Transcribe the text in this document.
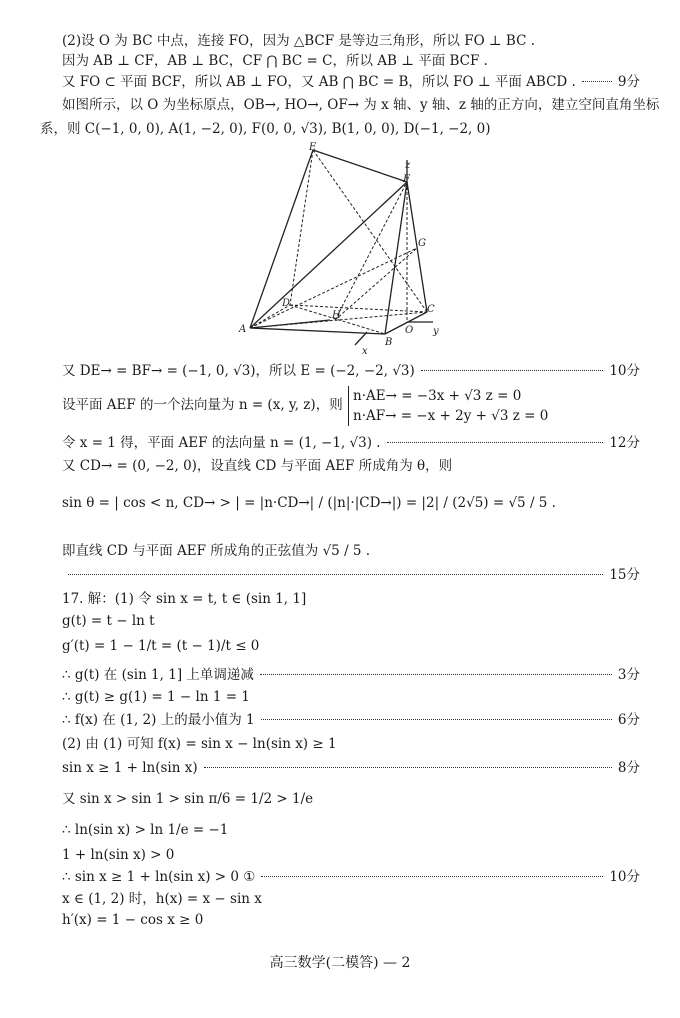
(2)设 O 为 BC 中点，连接 FO，因为 △BCF 是等边三角形，所以 FO ⊥ BC .
因为 AB ⊥ CF，AB ⊥ BC，CF ⋂ BC = C，所以 AB ⊥ 平面 BCF .
又 FO ⊂ 平面 BCF，所以 AB ⊥ FO，又 AB ⋂ BC = B，所以 FO ⊥ 平面 ABCD .	9分
如图所示，以 O 为坐标原点，OB→, HO→, OF→ 为 x 轴、y 轴、z 轴的正方向，建立空间直角坐标
系，则 C(−1, 0, 0), A(1, −2, 0), F(0, 0, √3), B(1, 0, 0), D(−1, −2, 0)
E
F
z
G
D
H
C
A
B
O y
x
又 DE→ = BF→ = (−1, 0, √3)，所以 E = (−2, −2, √3)	10分
设平面 AEF 的一个法向量为 n = (x, y, z)，则
n·AE→ = −3x + √3 z = 0
n·AF→ = −x + 2y + √3 z = 0
令 x = 1 得，平面 AEF 的法向量 n = (1, −1, √3) .	12分
又 CD→ = (0, −2, 0)，设直线 CD 与平面 AEF 所成角为 θ，则
sin θ = | cos < n, CD→ > | = |n·CD→| / (|n|·|CD→|) = |2| / (2√5) = √5 / 5 .
即直线 CD 与平面 AEF 所成角的正弦值为 √5 / 5 .
15分
17. 解：(1) 令 sin x = t, t ∈ (sin 1, 1]
g(t) = t − ln t
g′(t) = 1 − 1/t = (t − 1)/t ≤ 0
∴ g(t) 在 (sin 1, 1] 上单调递减	3分
∴ g(t) ≥ g(1) = 1 − ln 1 = 1
∴ f(x) 在 (1, 2) 上的最小值为 1	6分
(2) 由 (1) 可知 f(x) = sin x − ln(sin x) ≥ 1
sin x ≥ 1 + ln(sin x)	8分
又 sin x > sin 1 > sin π/6 = 1/2 > 1/e
∴ ln(sin x) > ln 1/e = −1
1 + ln(sin x) > 0
∴ sin x ≥ 1 + ln(sin x) > 0 ①	10分
x ∈ (1, 2) 时，h(x) = x − sin x
h′(x) = 1 − cos x ≥ 0
高三数学(二模答) — 2
